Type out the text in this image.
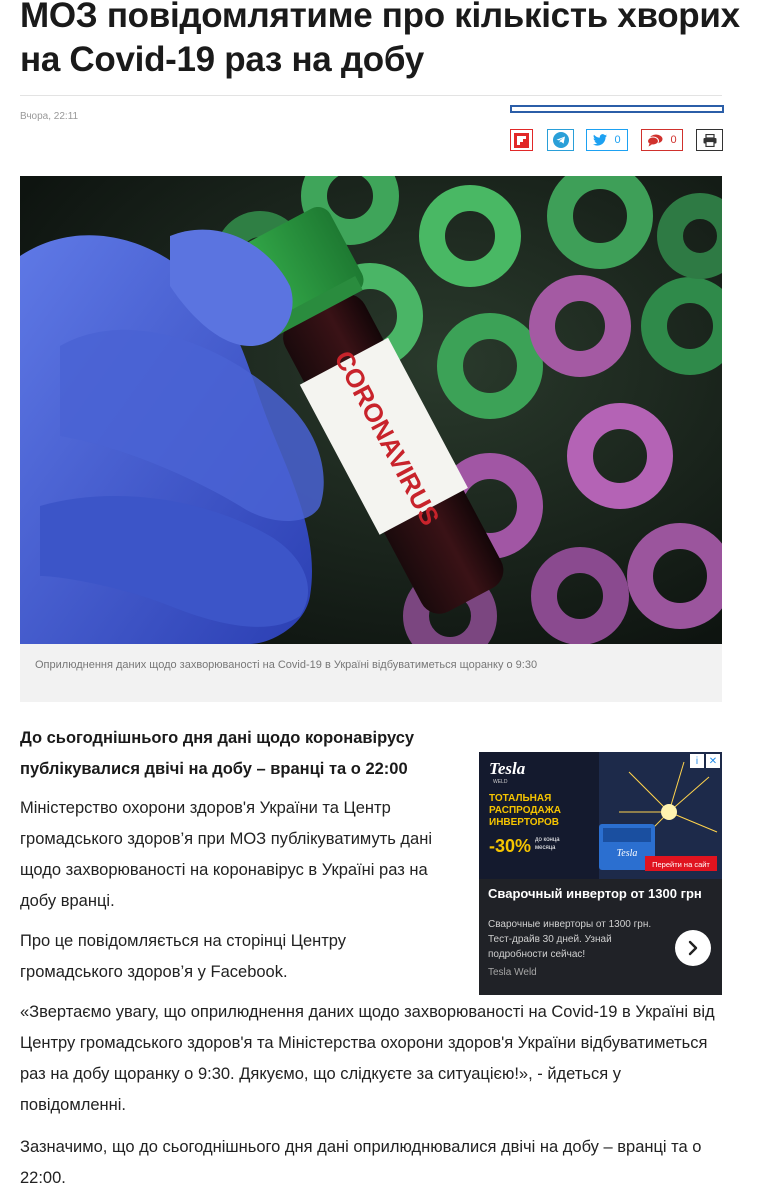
МОЗ повідомлятиме про кількість хворих на Covid-19 раз на добу
Вчора, 22:11
0	0
CORONAVIRUS
Оприлюднення даних щодо захворюваності на Covid-19 в Україні відбуватиметься щоранку о 9:30

До сьогоднішнього дня дані щодо коронавірусу публікувалися двічі на добу – вранці та о 22:00

Міністерство охорони здоров'я України та Центр громадського здоров’я при МОЗ публікуватимуть дані щодо захворюваності на коронавірус в Україні раз на добу вранці.

Про це повідомляється на сторінці Центру громадського здоров’я у Facebook.

«Звертаємо увагу, що оприлюднення даних щодо захворюваності на Covid-19 в Україні від Центру громадського здоров'я та Міністерства охорони здоров'я України відбуватиметься раз на добу щоранку о 9:30. Дякуємо, що слідкуєте за ситуацією!», - йдеться у повідомленні.

Зазначимо, що до сьогоднішнього дня дані оприлюднювалися двічі на добу – вранці та о 22:00.

Tesla
Tesla
WELD
ТОТАЛЬНАЯ
РАСПРОДАЖА
ИНВЕРТОРОВ
-30% до конца
месяца
Перейти на сайт
i	✕
Сварочный инвертор от 1300 грн

Сварочные инверторы от 1300 грн. Тест-драйв 30 дней. Узнай подробности сейчас!

Tesla Weld
